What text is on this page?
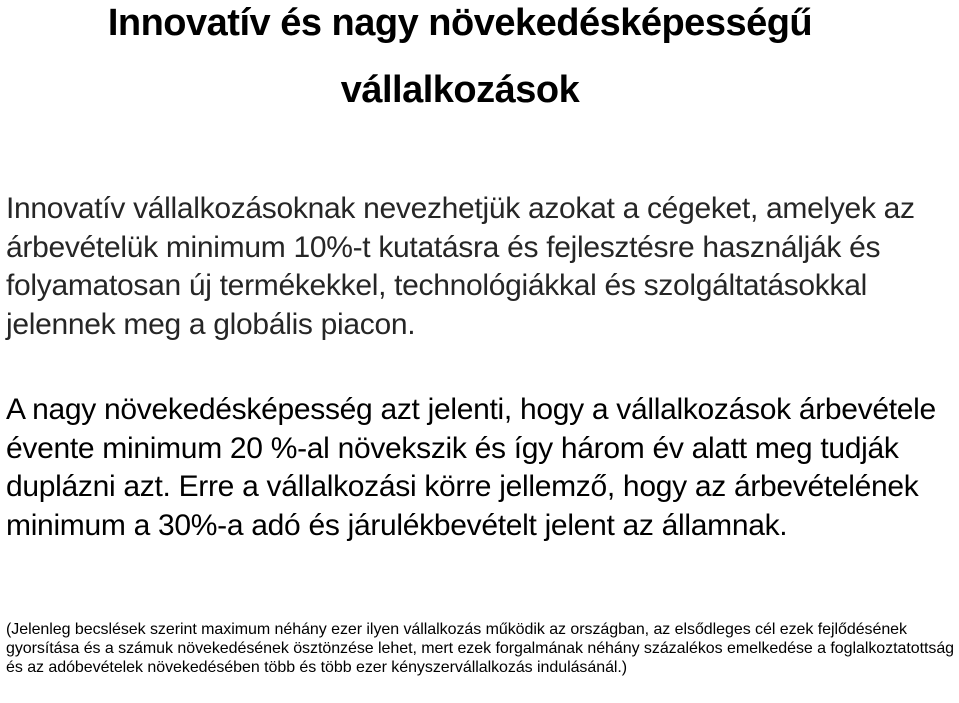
Innovatív és nagy növekedésképességű
vállalkozások

Innovatív vállalkozásoknak nevezhetjük azokat a cégeket, amelyek az árbevételük minimum 10%-t kutatásra és fejlesztésre használják és folyamatosan új termékekkel, technológiákkal és szolgáltatásokkal jelennek meg a globális piacon.

A nagy növekedésképesség azt jelenti, hogy a vállalkozások árbevétele évente minimum 20 %-al növekszik és így három év alatt meg tudják duplázni azt. Erre a vállalkozási körre jellemző, hogy az árbevételének minimum a 30%-a adó és járulékbevételt jelent az államnak.

(Jelenleg becslések szerint maximum néhány ezer ilyen vállalkozás működik az országban, az elsődleges cél ezek fejlődésének gyorsítása és a számuk növekedésének ösztönzése lehet, mert ezek forgalmának néhány százalékos emelkedése a foglalkoztatottság és az adóbevételek növekedésében több és több ezer kényszervállalkozás indulásánál.)
